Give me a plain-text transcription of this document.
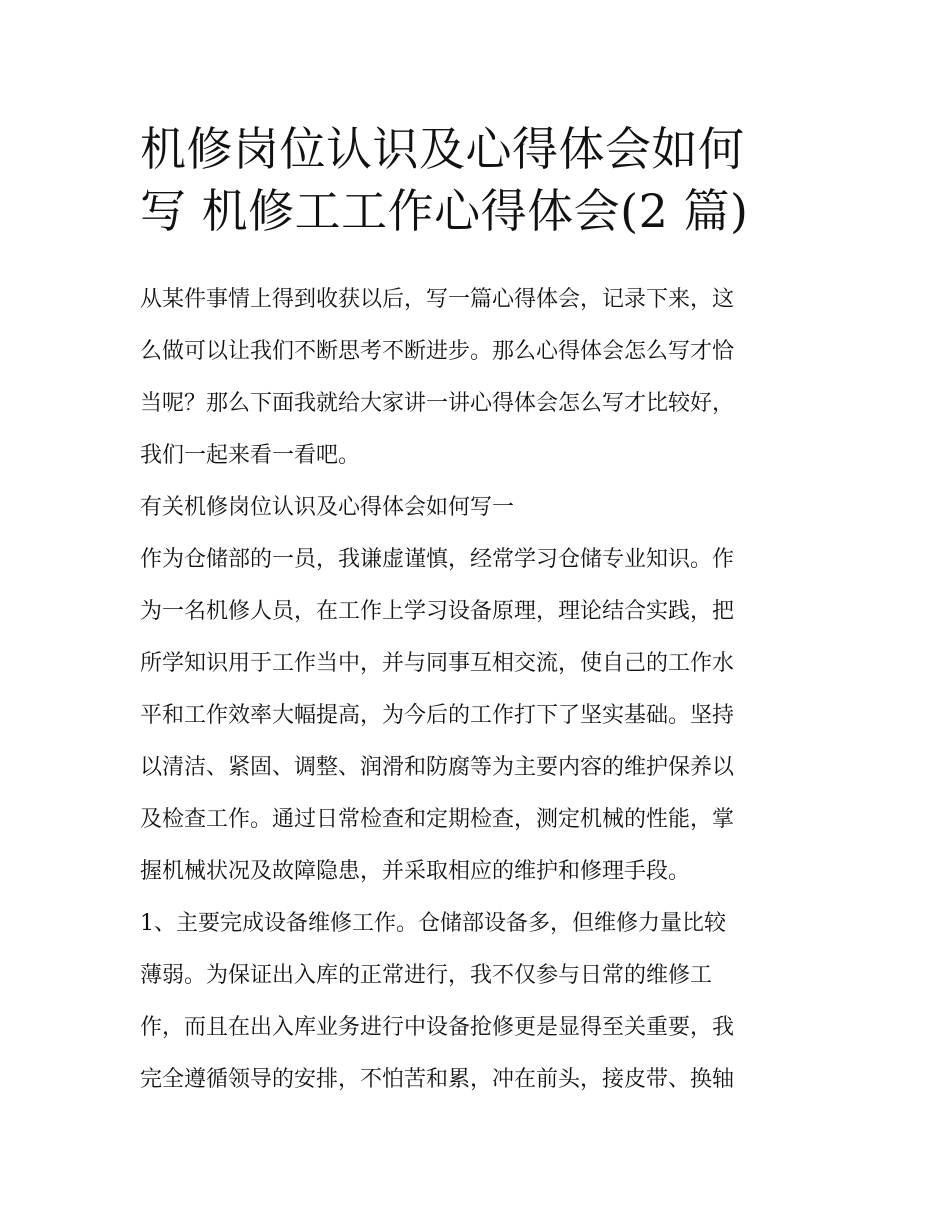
机修岗位认识及心得体会如何
写 机修工工作心得体会(2 篇)
从某件事情上得到收获以后，写一篇心得体会，记录下来，这
么做可以让我们不断思考不断进步。那么心得体会怎么写才恰
当呢？那么下面我就给大家讲一讲心得体会怎么写才比较好，
我们一起来看一看吧。
有关机修岗位认识及心得体会如何写一
作为仓储部的一员，我谦虚谨慎，经常学习仓储专业知识。作
为一名机修人员，在工作上学习设备原理，理论结合实践，把
所学知识用于工作当中，并与同事互相交流，使自己的工作水
平和工作效率大幅提高，为今后的工作打下了坚实基础。坚持
以清洁、紧固、调整、润滑和防腐等为主要内容的维护保养以
及检查工作。通过日常检查和定期检查，测定机械的性能，掌
握机械状况及故障隐患，并采取相应的维护和修理手段。
1、主要完成设备维修工作。仓储部设备多，但维修力量比较
薄弱。为保证出入库的正常进行，我不仅参与日常的维修工
作，而且在出入库业务进行中设备抢修更是显得至关重要，我
完全遵循领导的安排，不怕苦和累，冲在前头，接皮带、换轴
